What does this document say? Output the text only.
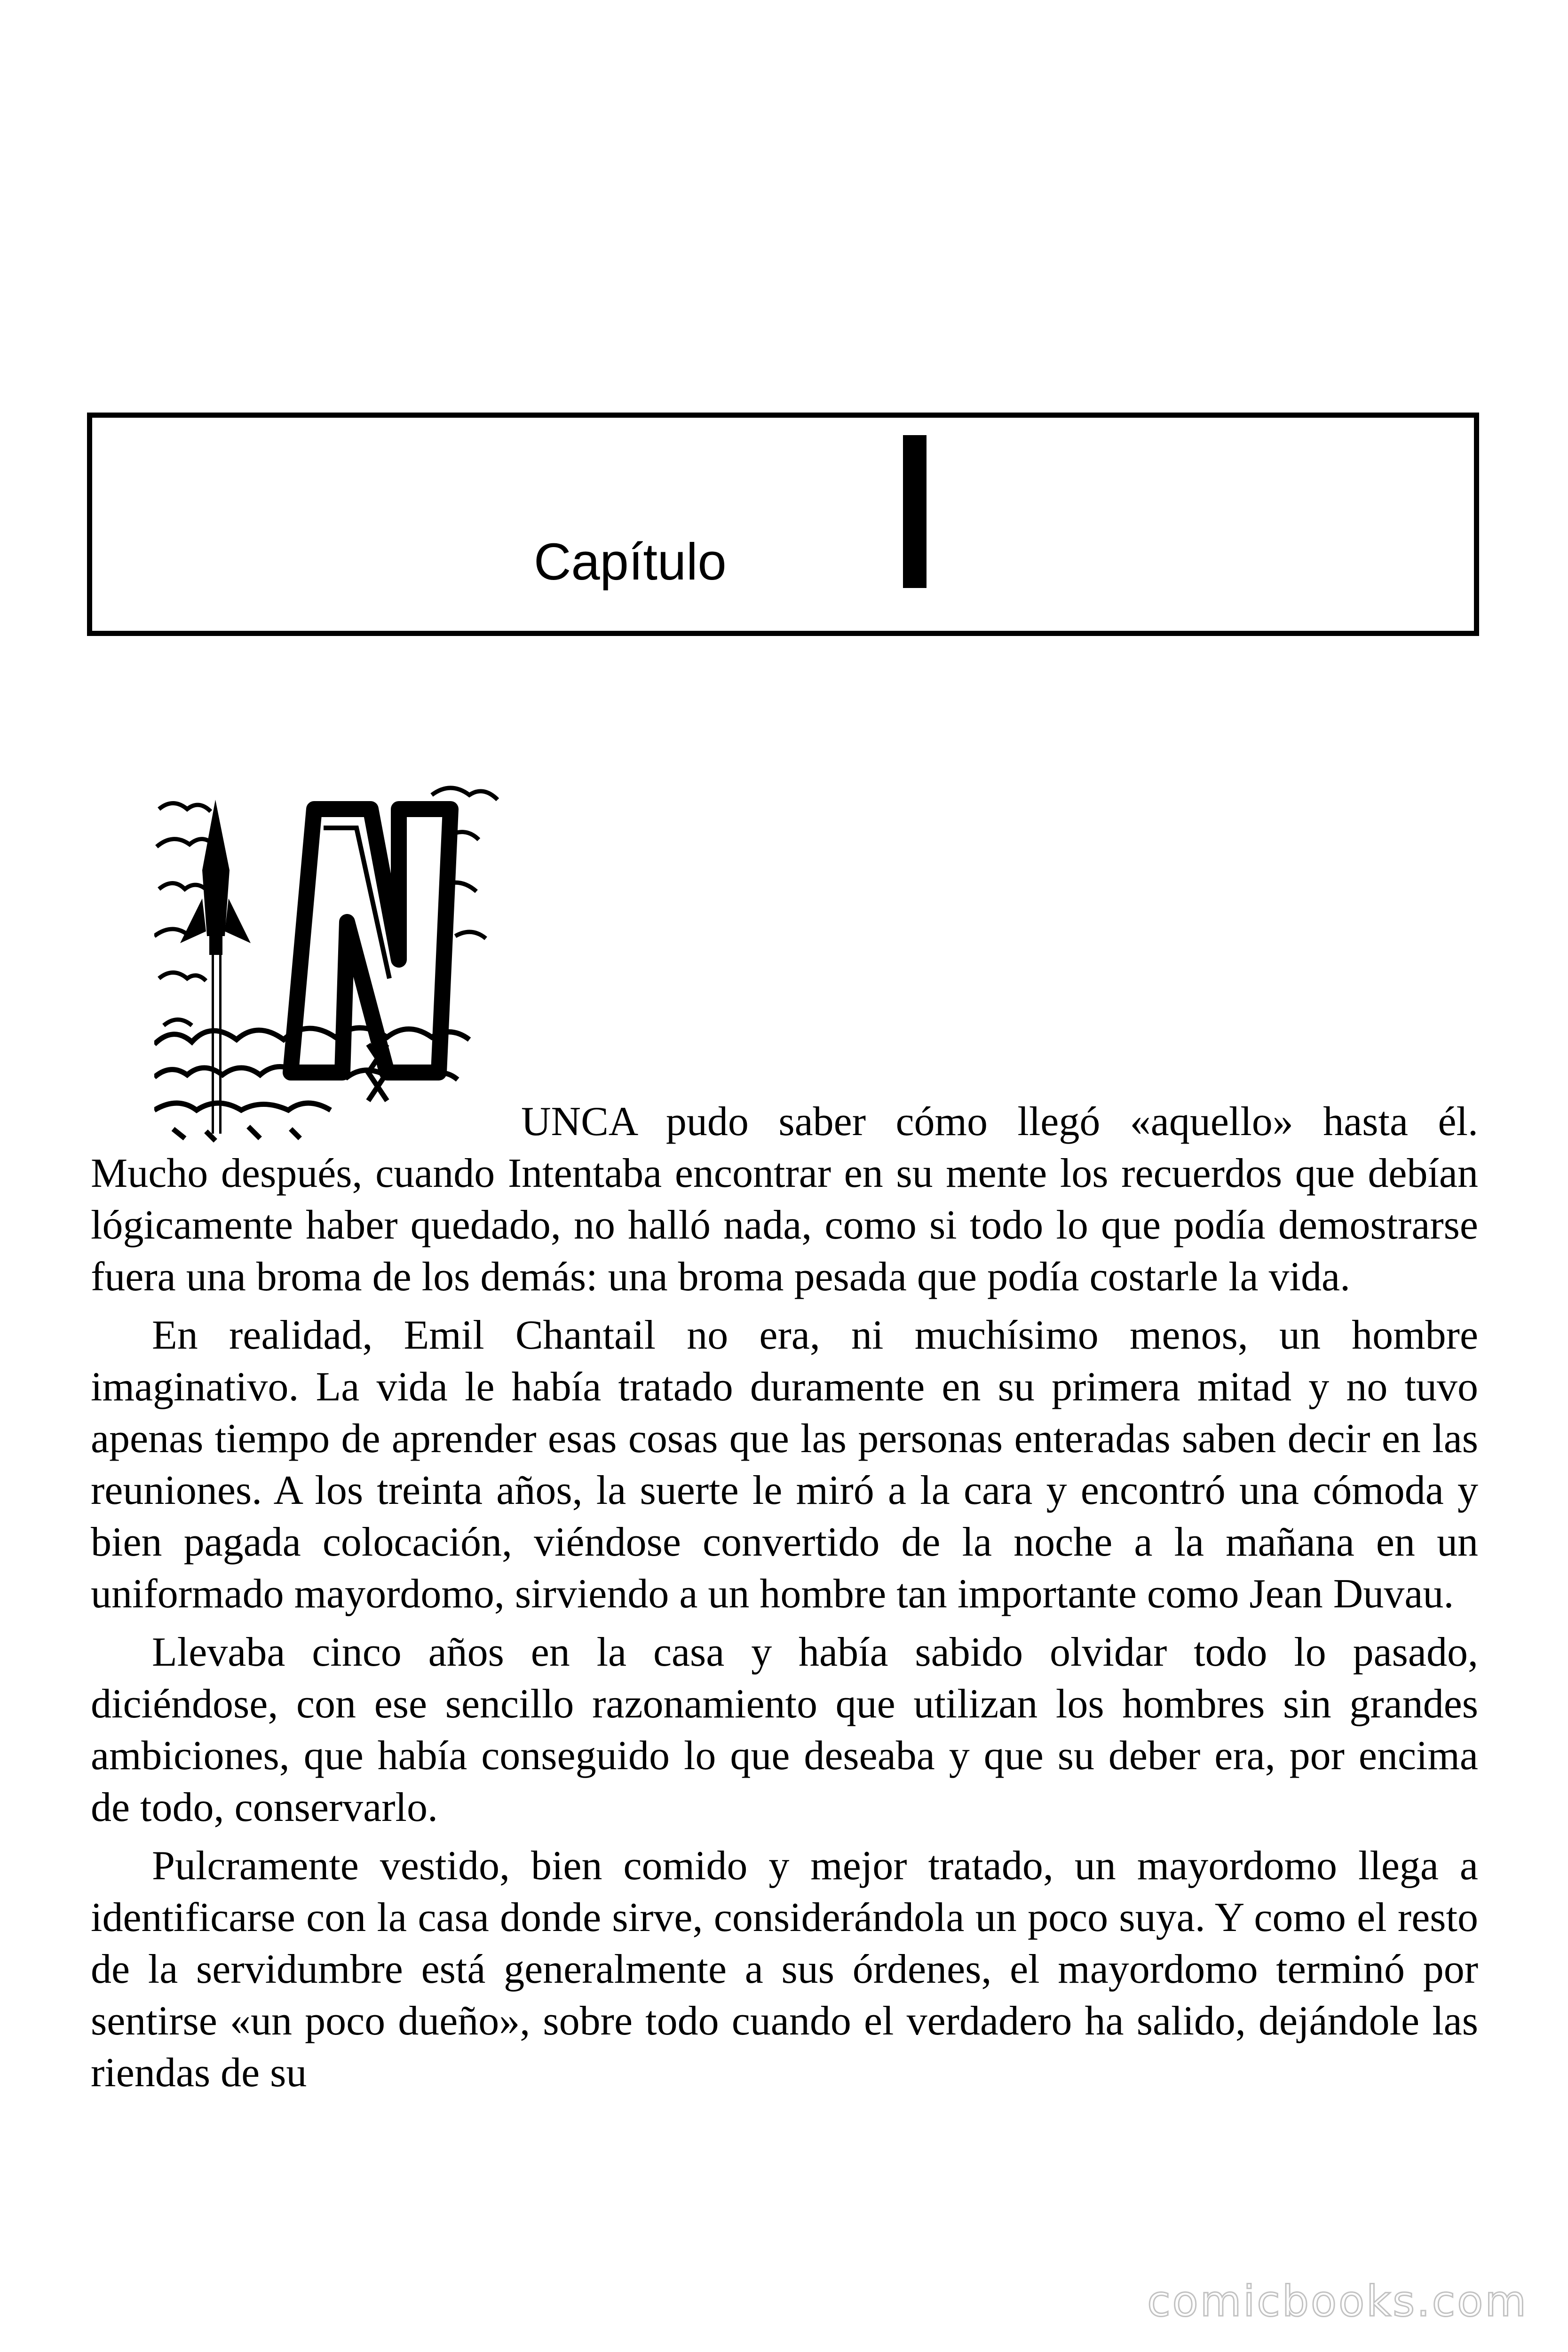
Capítulo

UNCA pudo saber cómo llegó «aquello» hasta él.
Mucho después, cuando Intentaba encontrar en su mente los recuerdos que debían lógicamente haber quedado, no halló nada, como si todo lo que podía demostrarse fuera una broma de los demás: una broma pesada que podía costarle la vida.

En realidad, Emil Chantail no era, ni muchísimo menos, un hombre imaginativo. La vida le había tratado duramente en su primera mitad y no tuvo apenas tiempo de aprender esas cosas que las personas enteradas saben decir en las reuniones. A los treinta años, la suerte le miró a la cara y encontró una cómoda y bien pagada colocación, viéndose convertido de la noche a la mañana en un uniformado mayordomo, sirviendo a un hombre tan importante como Jean Duvau.

Llevaba cinco años en la casa y había sabido olvidar todo lo pasado, diciéndose, con ese sencillo razonamiento que utilizan los hombres sin grandes ambiciones, que había conseguido lo que deseaba y que su deber era, por encima de todo, conservarlo.

Pulcramente vestido, bien comido y mejor tratado, un mayordomo llega a identificarse con la casa donde sirve, considerándola un poco suya. Y como el resto de la servidumbre está generalmente a sus órdenes, el mayordomo terminó por sentirse «un poco dueño», sobre todo cuando el verdadero ha salido, dejándole las riendas de su

comicbooks.com
